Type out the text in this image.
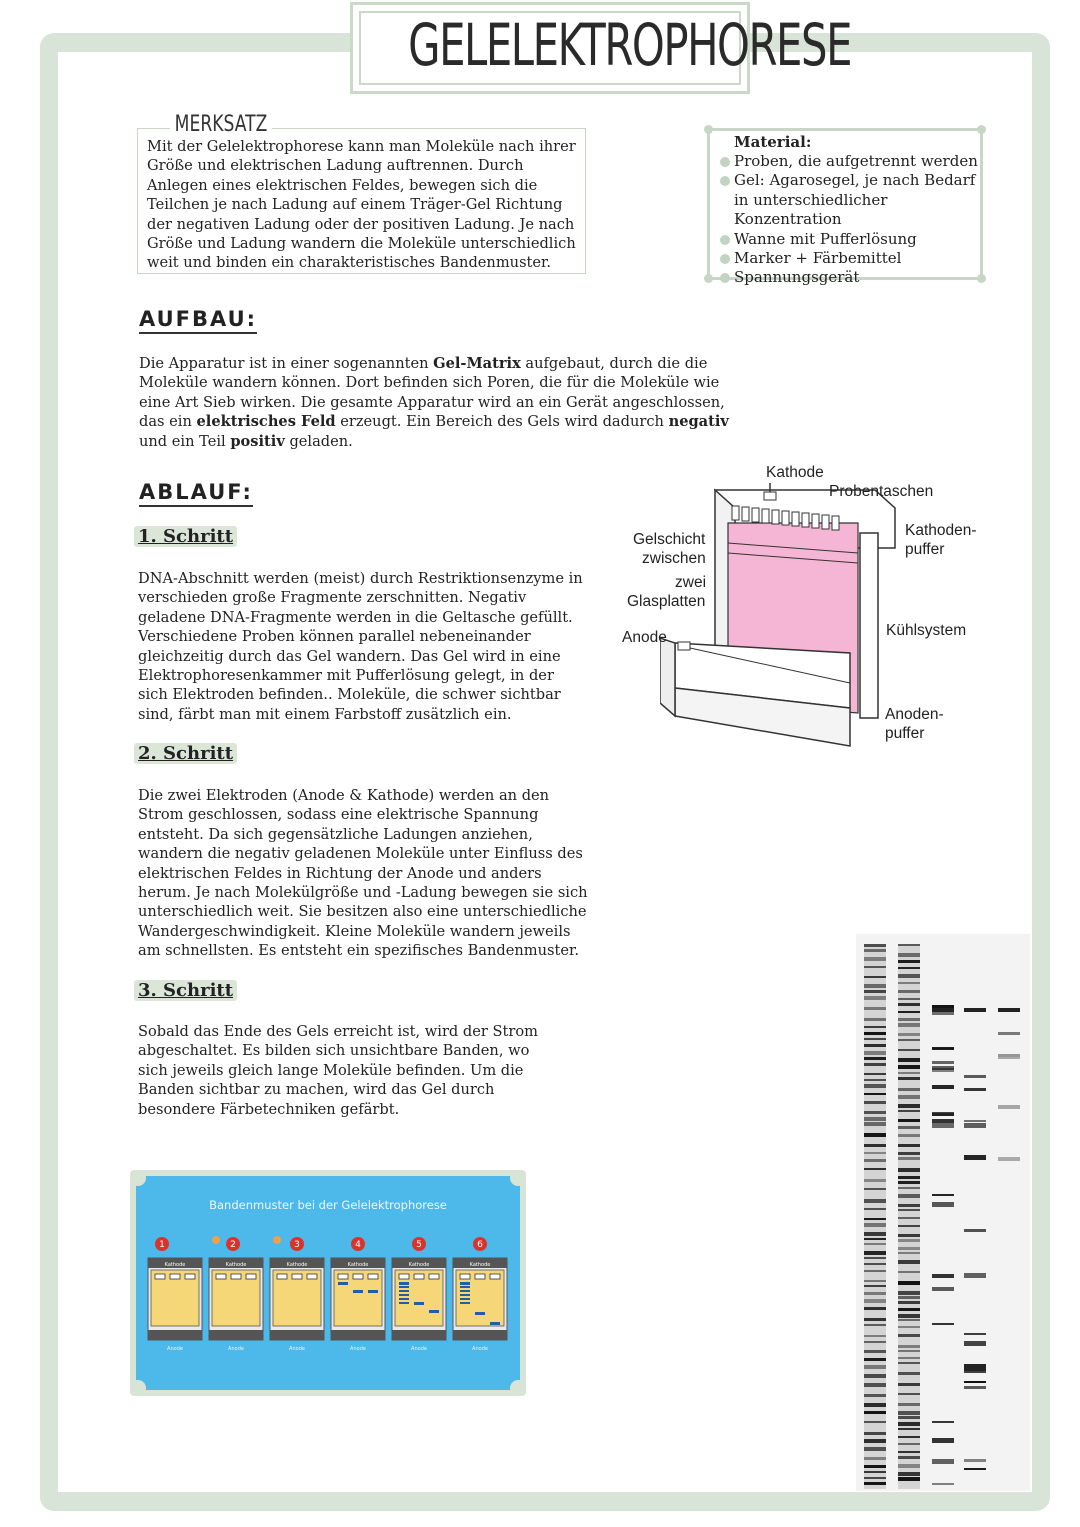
GELELEKTROPHORESE
MERKSATZ
Mit der Gelelektrophorese kann man Moleküle nach ihrer Größe und elektrischen Ladung auftrennen. Durch Anlegen eines elektrischen Feldes, bewegen sich die Teilchen je nach Ladung auf einem Träger-Gel Richtung der negativen Ladung oder der positiven Ladung. Je nach Größe und Ladung wandern die Moleküle unterschiedlich weit und binden ein charakteristisches Bandenmuster.
Material:
Proben, die aufgetrennt werden
Gel: Agarosegel, je nach Bedarf in unterschiedlicher Konzentration
Wanne mit Pufferlösung
Marker + Färbemittel
Spannungsgerät
AUFBAU:
Die Apparatur ist in einer sogenannten Gel-Matrix aufgebaut, durch die die Moleküle wandern können. Dort befinden sich Poren, die für die Moleküle wie eine Art Sieb wirken. Die gesamte Apparatur wird an ein Gerät angeschlossen, das ein elektrisches Feld erzeugt. Ein Bereich des Gels wird dadurch negativ und ein Teil positiv geladen.
ABLAUF:
1. Schritt
DNA-Abschnitt werden (meist) durch Restriktionsenzyme in verschieden große Fragmente zerschnitten. Negativ geladene DNA-Fragmente werden in die Geltasche gefüllt. Verschiedene Proben können parallel nebeneinander gleichzeitig durch das Gel wandern. Das Gel wird in eine Elektrophoresenkammer mit Pufferlösung gelegt, in der sich Elektroden befinden.. Moleküle, die schwer sichtbar sind, färbt man mit einem Farbstoff zusätzlich ein.
2. Schritt
Die zwei Elektroden (Anode & Kathode) werden an den Strom geschlossen, sodass eine elektrische Spannung entsteht. Da sich gegensätzliche Ladungen anziehen, wandern die negativ geladenen Moleküle unter Einfluss des elektrischen Feldes in Richtung der Anode und anders herum. Je nach Molekülgröße und -Ladung bewegen sie sich unterschiedlich weit. Sie besitzen also eine unterschiedliche Wandergeschwindigkeit. Kleine Moleküle wandern jeweils am schnellsten. Es entsteht ein spezifisches Bandenmuster.
3. Schritt
Sobald das Ende des Gels erreicht ist, wird der Strom abgeschaltet. Es bilden sich unsichtbare Banden, wo sich jeweils gleich lange Moleküle befinden. Um die Banden sichtbar zu machen, wird das Gel durch besondere Färbetechniken gefärbt.
Kathode
Probentaschen
Gelschicht
zwischen
zwei
Glasplatten
Kathoden-
puffer
Kühlsystem
Anode
Anoden-
puffer
Bandenmuster bei der Gelelektrophorese
Kathode
Anode
1
Kathode
Anode
2
Kathode
Anode
3
Kathode
Anode
4
Kathode
Anode
5
Kathode
Anode
6
